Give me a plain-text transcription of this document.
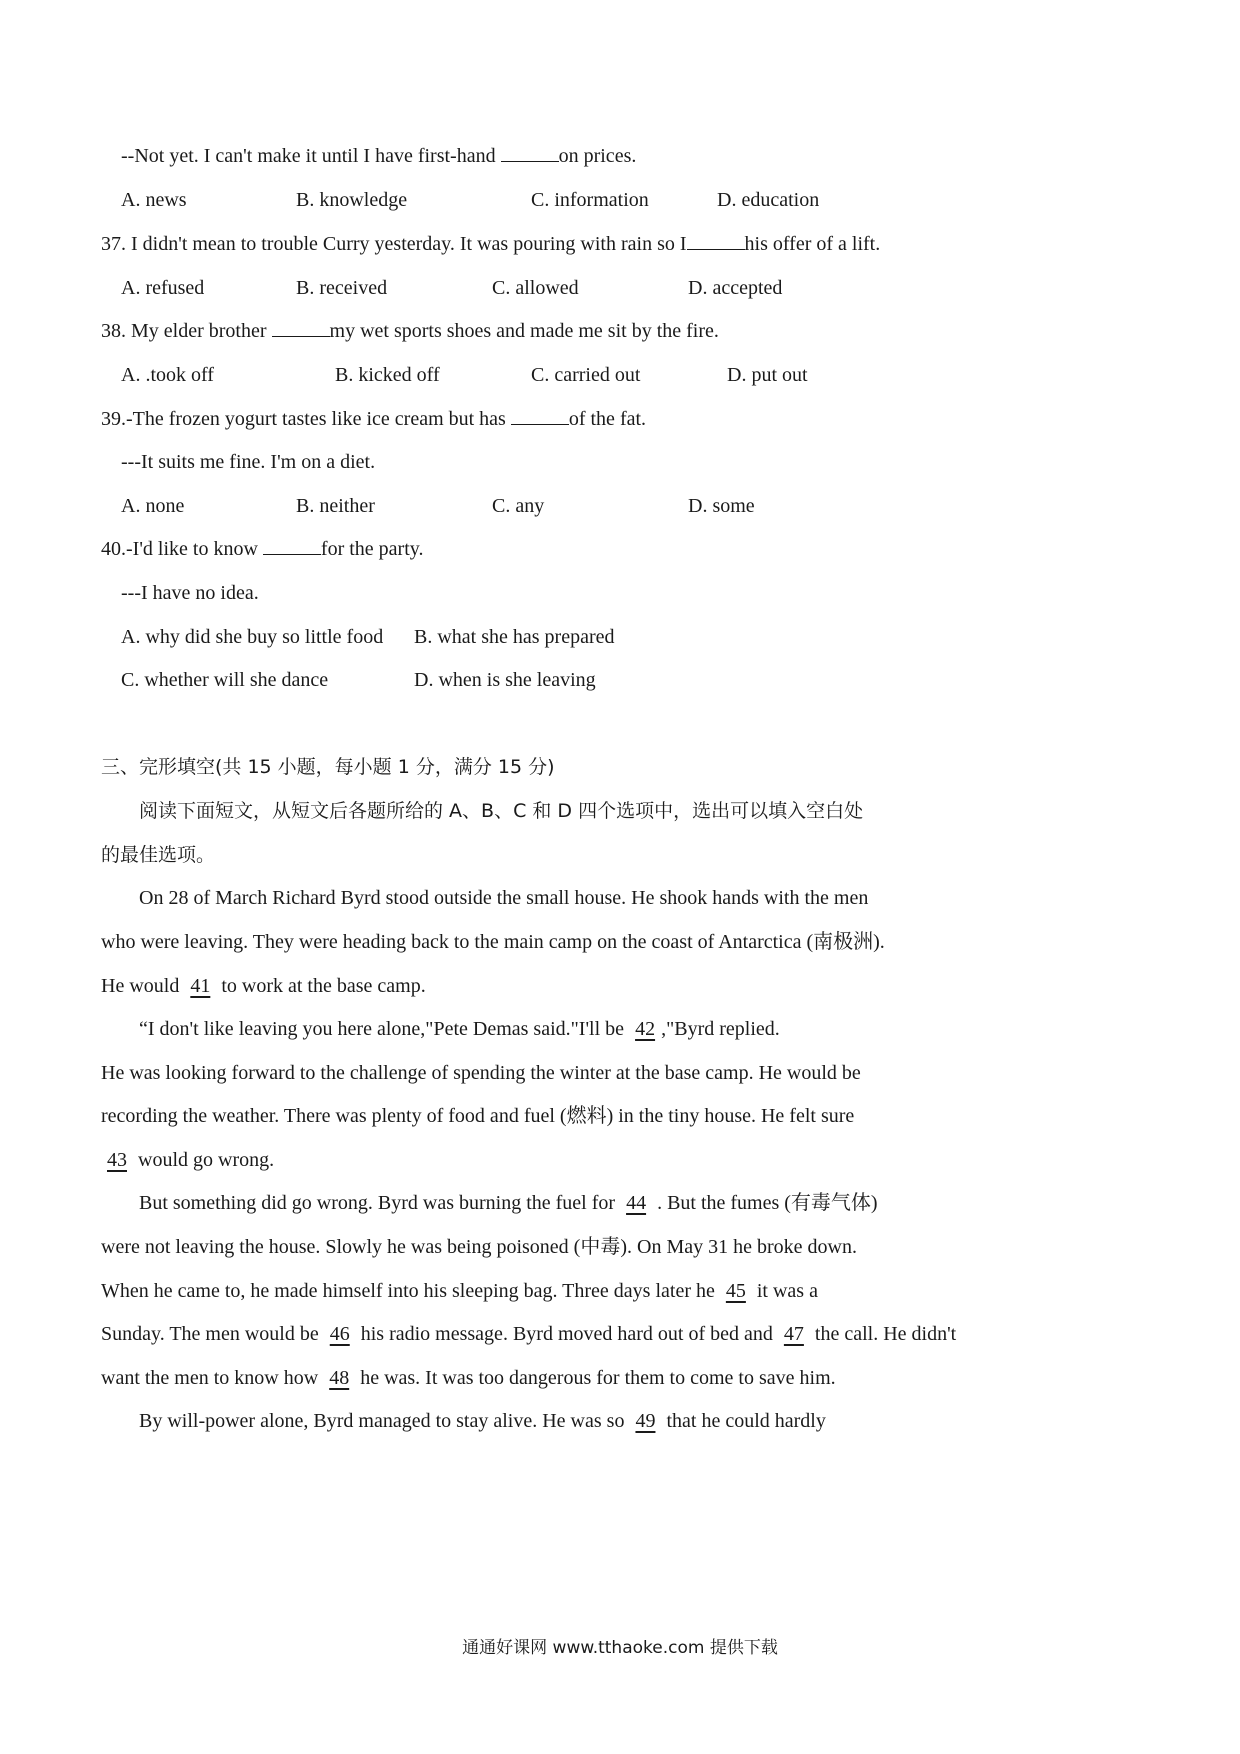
--Not yet. I can't make it until I have first-hand	on prices.
A. news	B. knowledge	C. information	D. education
37. I didn't mean to trouble Curry yesterday. It was pouring with rain so I	his offer of a lift.
A. refused	B. received	C. allowed	D. accepted
38. My elder brother	my wet sports shoes and made me sit by the fire.
A. .took off	B. kicked off	C. carried out	D. put out
39.-The frozen yogurt tastes like ice cream but has	of the fat.
---It suits me fine. I'm on a diet.
A. none	B. neither	C. any	D. some
40.-I'd like to know	for the party.
---I have no idea.
A. why did she buy so little food B. what she has prepared
C. whether will she dance	D. when is she leaving
三、完形填空(共 15 小题，每小题 1 分，满分 15 分)
阅读下面短文，从短文后各题所给的 A、B、C 和 D 四个选项中，选出可以填入空白处
的最佳选项。
On 28 of March Richard Byrd stood outside the small house. He shook hands with the men
who were leaving. They were heading back to the main camp on the coast of Antarctica (南极洲).
He would 41 to work at the base camp.
“I don't like leaving you here alone,"Pete Demas said."I'll be 42 ,"Byrd replied.
He was looking forward to the challenge of spending the winter at the base camp. He would be
recording the weather. There was plenty of food and fuel (燃料) in the tiny house. He felt sure
43 would go wrong.
But something did go wrong. Byrd was burning the fuel for 44 . But the fumes (有毒气体)
were not leaving the house. Slowly he was being poisoned (中毒). On May 31 he broke down.
When he came to, he made himself into his sleeping bag. Three days later he 45 it was a
Sunday. The men would be 46 his radio message. Byrd moved hard out of bed and 47 the call. He didn't
want the men to know how 48 he was. It was too dangerous for them to come to save him.
By will-power alone, Byrd managed to stay alive. He was so 49 that he could hardly
通通好课网 www.tthaoke.com 提供下载
